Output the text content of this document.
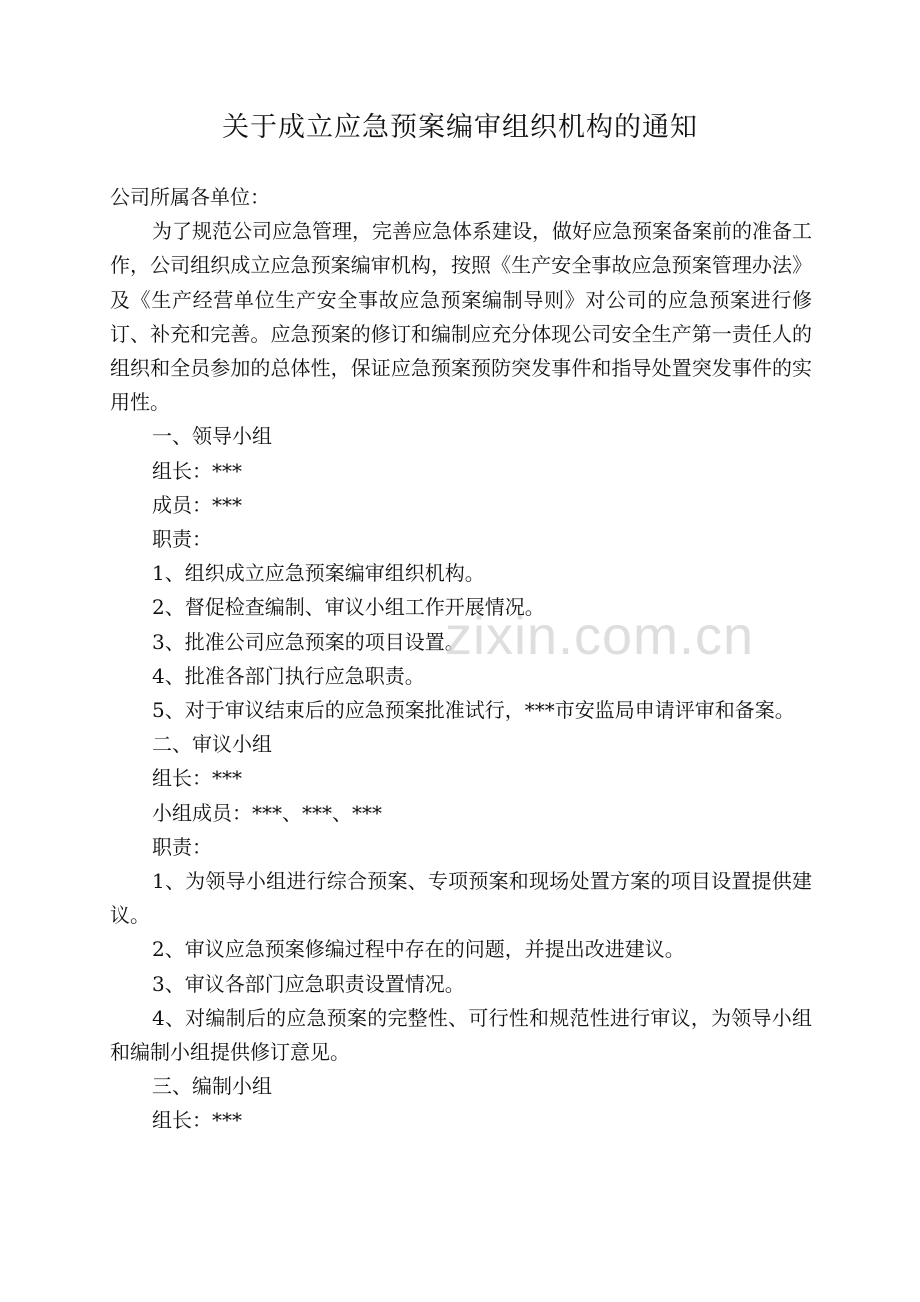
关于成立应急预案编审组织机构的通知

公司所属各单位：

为了规范公司应急管理，完善应急体系建设，做好应急预案备案前的准备工作，公司组织成立应急预案编审机构，按照《生产安全事故应急预案管理办法》及《生产经营单位生产安全事故应急预案编制导则》对公司的应急预案进行修订、补充和完善。应急预案的修订和编制应充分体现公司安全生产第一责任人的组织和全员参加的总体性，保证应急预案预防突发事件和指导处置突发事件的实用性。

一、领导小组

组长：***

成员：***

职责：

1、组织成立应急预案编审组织机构。

2、督促检查编制、审议小组工作开展情况。

3、批准公司应急预案的项目设置。

4、批准各部门执行应急职责。

5、对于审议结束后的应急预案批准试行，***市安监局申请评审和备案。

二、审议小组

组长：***

小组成员：***、***、***

职责：

1、为领导小组进行综合预案、专项预案和现场处置方案的项目设置提供建议。

2、审议应急预案修编过程中存在的问题，并提出改进建议。

3、审议各部门应急职责设置情况。

4、对编制后的应急预案的完整性、可行性和规范性进行审议，为领导小组和编制小组提供修订意见。

三、编制小组

组长：***

zixin.com.cn
